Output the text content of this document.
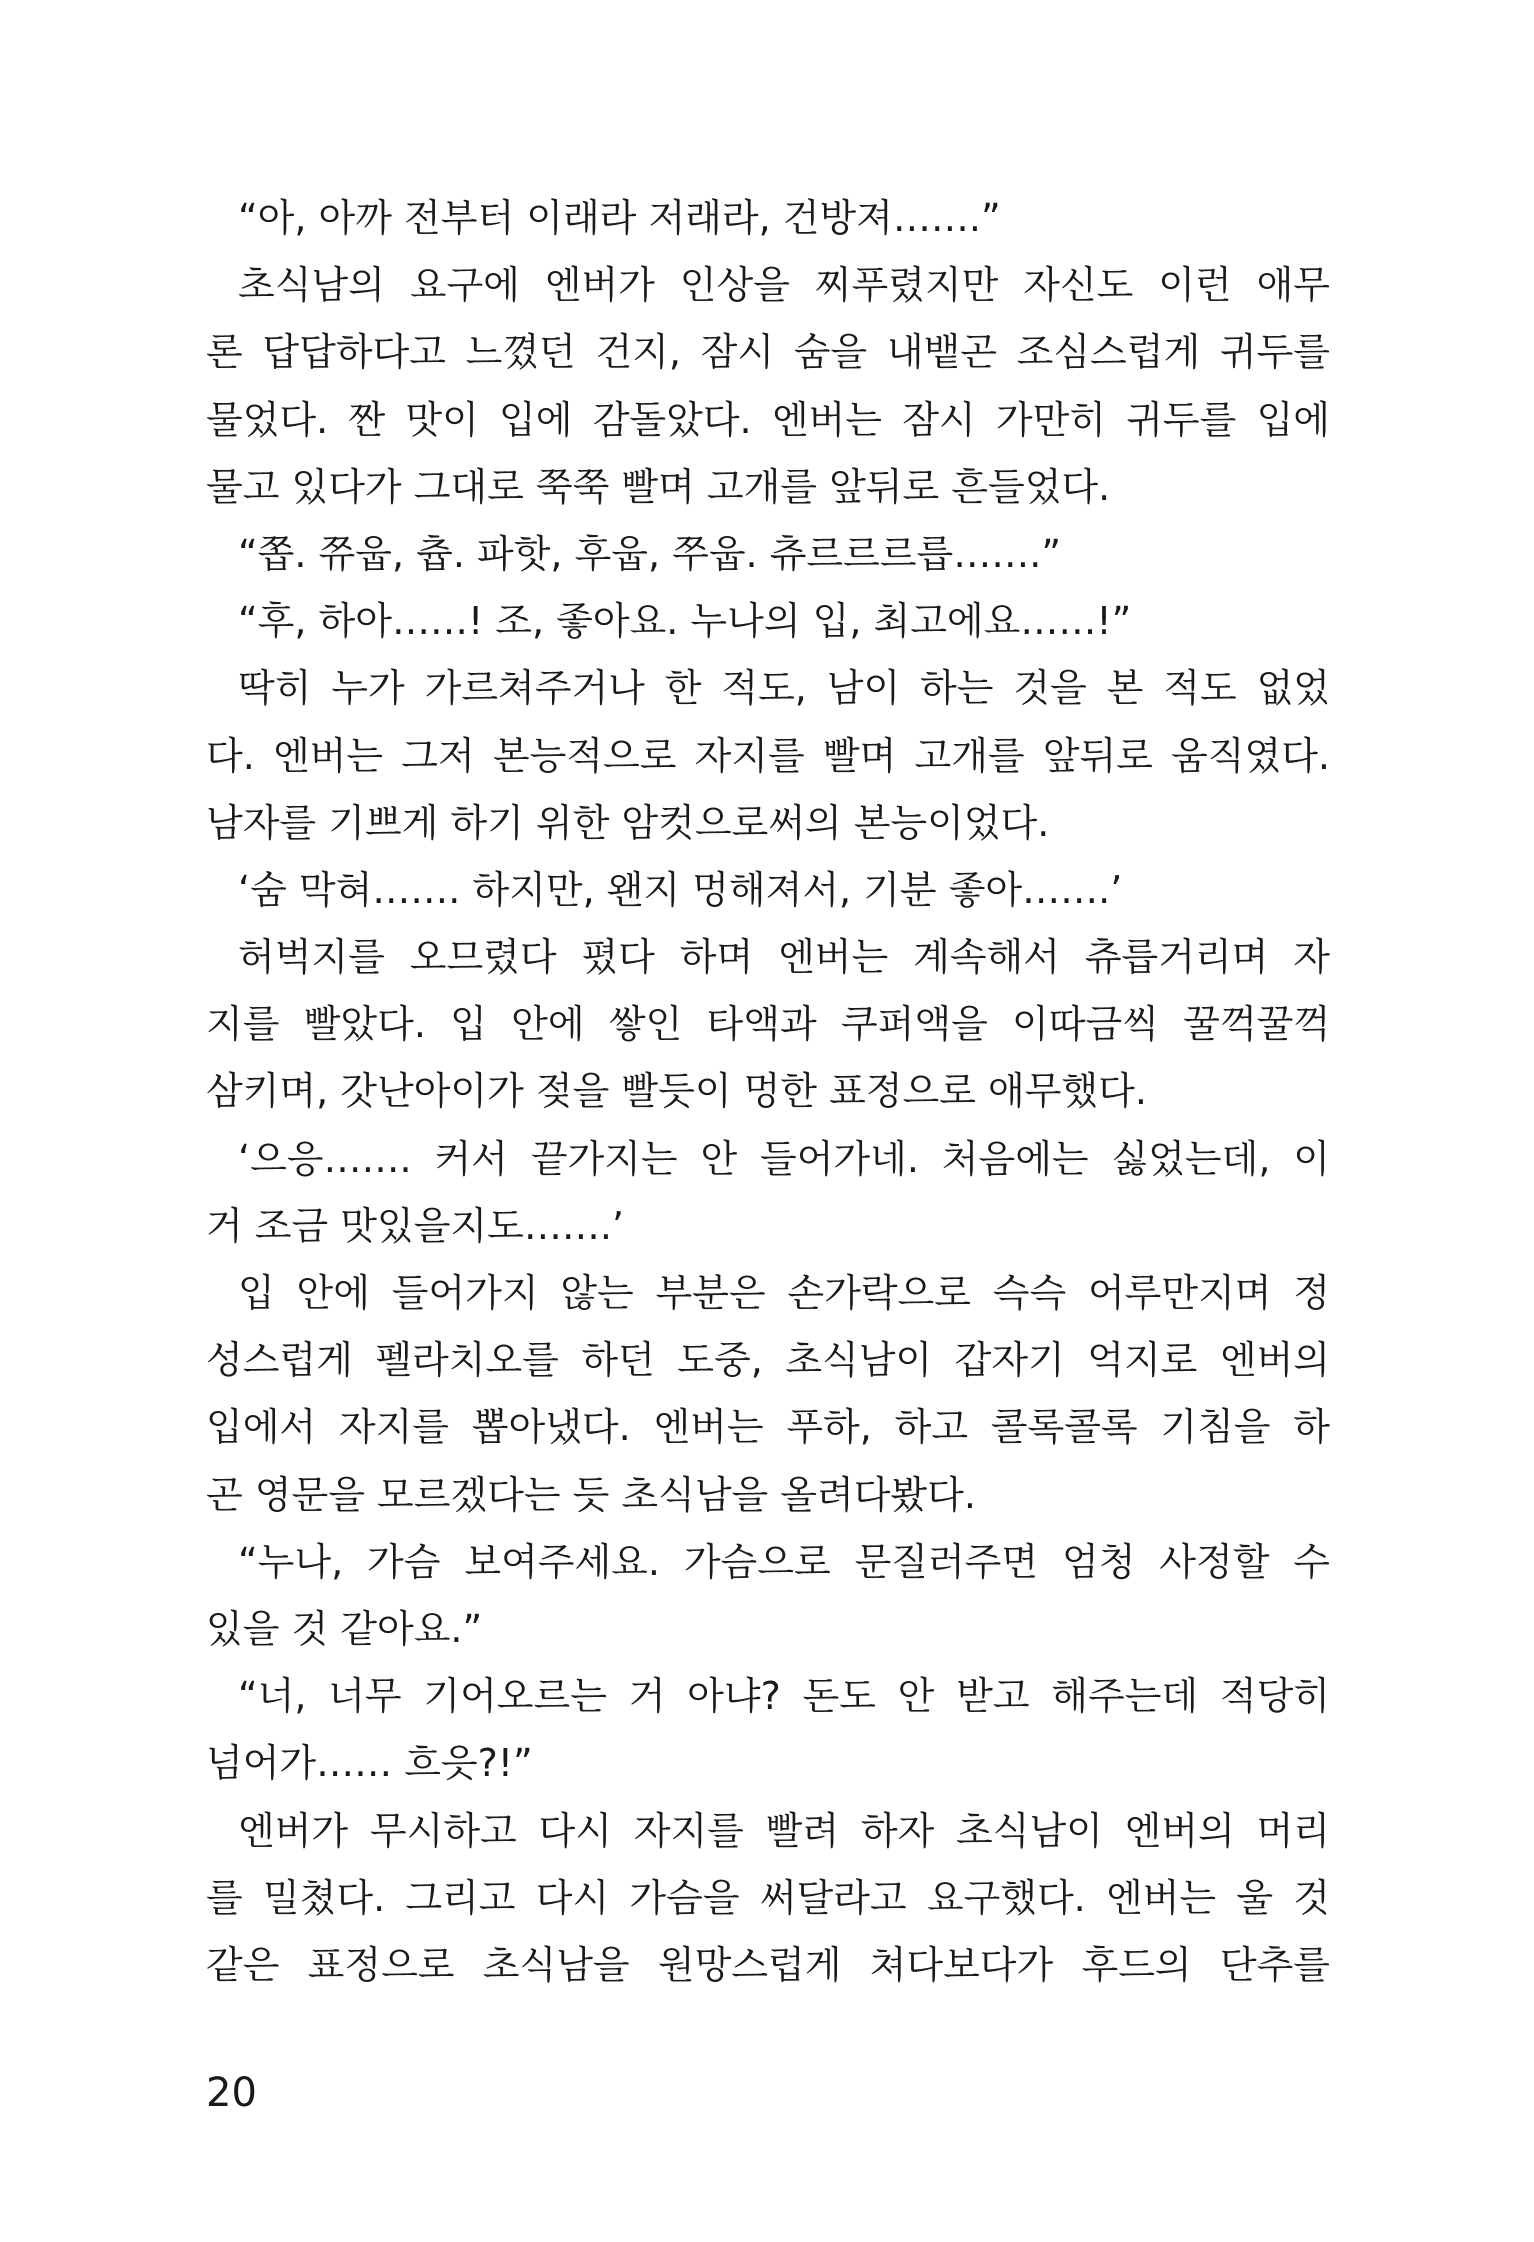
“아, 아까 전부터 이래라 저래라, 건방져…….”
초식남의 요구에 엔버가 인상을 찌푸렸지만 자신도 이런 애무
론 답답하다고 느꼈던 건지, 잠시 숨을 내뱉곤 조심스럽게 귀두를
물었다. 짠 맛이 입에 감돌았다. 엔버는 잠시 가만히 귀두를 입에
물고 있다가 그대로 쭉쭉 빨며 고개를 앞뒤로 흔들었다.
“쫍. 쮸웁, 츕. 파핫, 후웁, 쭈웁. 츄르르르릅…….”
“후, 하아……! 조, 좋아요. 누나의 입, 최고에요……!”
딱히 누가 가르쳐주거나 한 적도, 남이 하는 것을 본 적도 없었
다. 엔버는 그저 본능적으로 자지를 빨며 고개를 앞뒤로 움직였다.
남자를 기쁘게 하기 위한 암컷으로써의 본능이었다.
‘숨 막혀……. 하지만, 왠지 멍해져서, 기분 좋아…….’
허벅지를 오므렸다 폈다 하며 엔버는 계속해서 츄릅거리며 자
지를 빨았다. 입 안에 쌓인 타액과 쿠퍼액을 이따금씩 꿀꺽꿀꺽
삼키며, 갓난아이가 젖을 빨듯이 멍한 표정으로 애무했다.
‘으응……. 커서 끝가지는 안 들어가네. 처음에는 싫었는데, 이
거 조금 맛있을지도…….’
입 안에 들어가지 않는 부분은 손가락으로 슥슥 어루만지며 정
성스럽게 펠라치오를 하던 도중, 초식남이 갑자기 억지로 엔버의
입에서 자지를 뽑아냈다. 엔버는 푸하, 하고 콜록콜록 기침을 하
곤 영문을 모르겠다는 듯 초식남을 올려다봤다.
“누나, 가슴 보여주세요. 가슴으로 문질러주면 엄청 사정할 수
있을 것 같아요.”
“너, 너무 기어오르는 거 아냐? 돈도 안 받고 해주는데 적당히
넘어가…… 흐읏?!”
엔버가 무시하고 다시 자지를 빨려 하자 초식남이 엔버의 머리
를 밀쳤다. 그리고 다시 가슴을 써달라고 요구했다. 엔버는 울 것
같은 표정으로 초식남을 원망스럽게 쳐다보다가 후드의 단추를
20
